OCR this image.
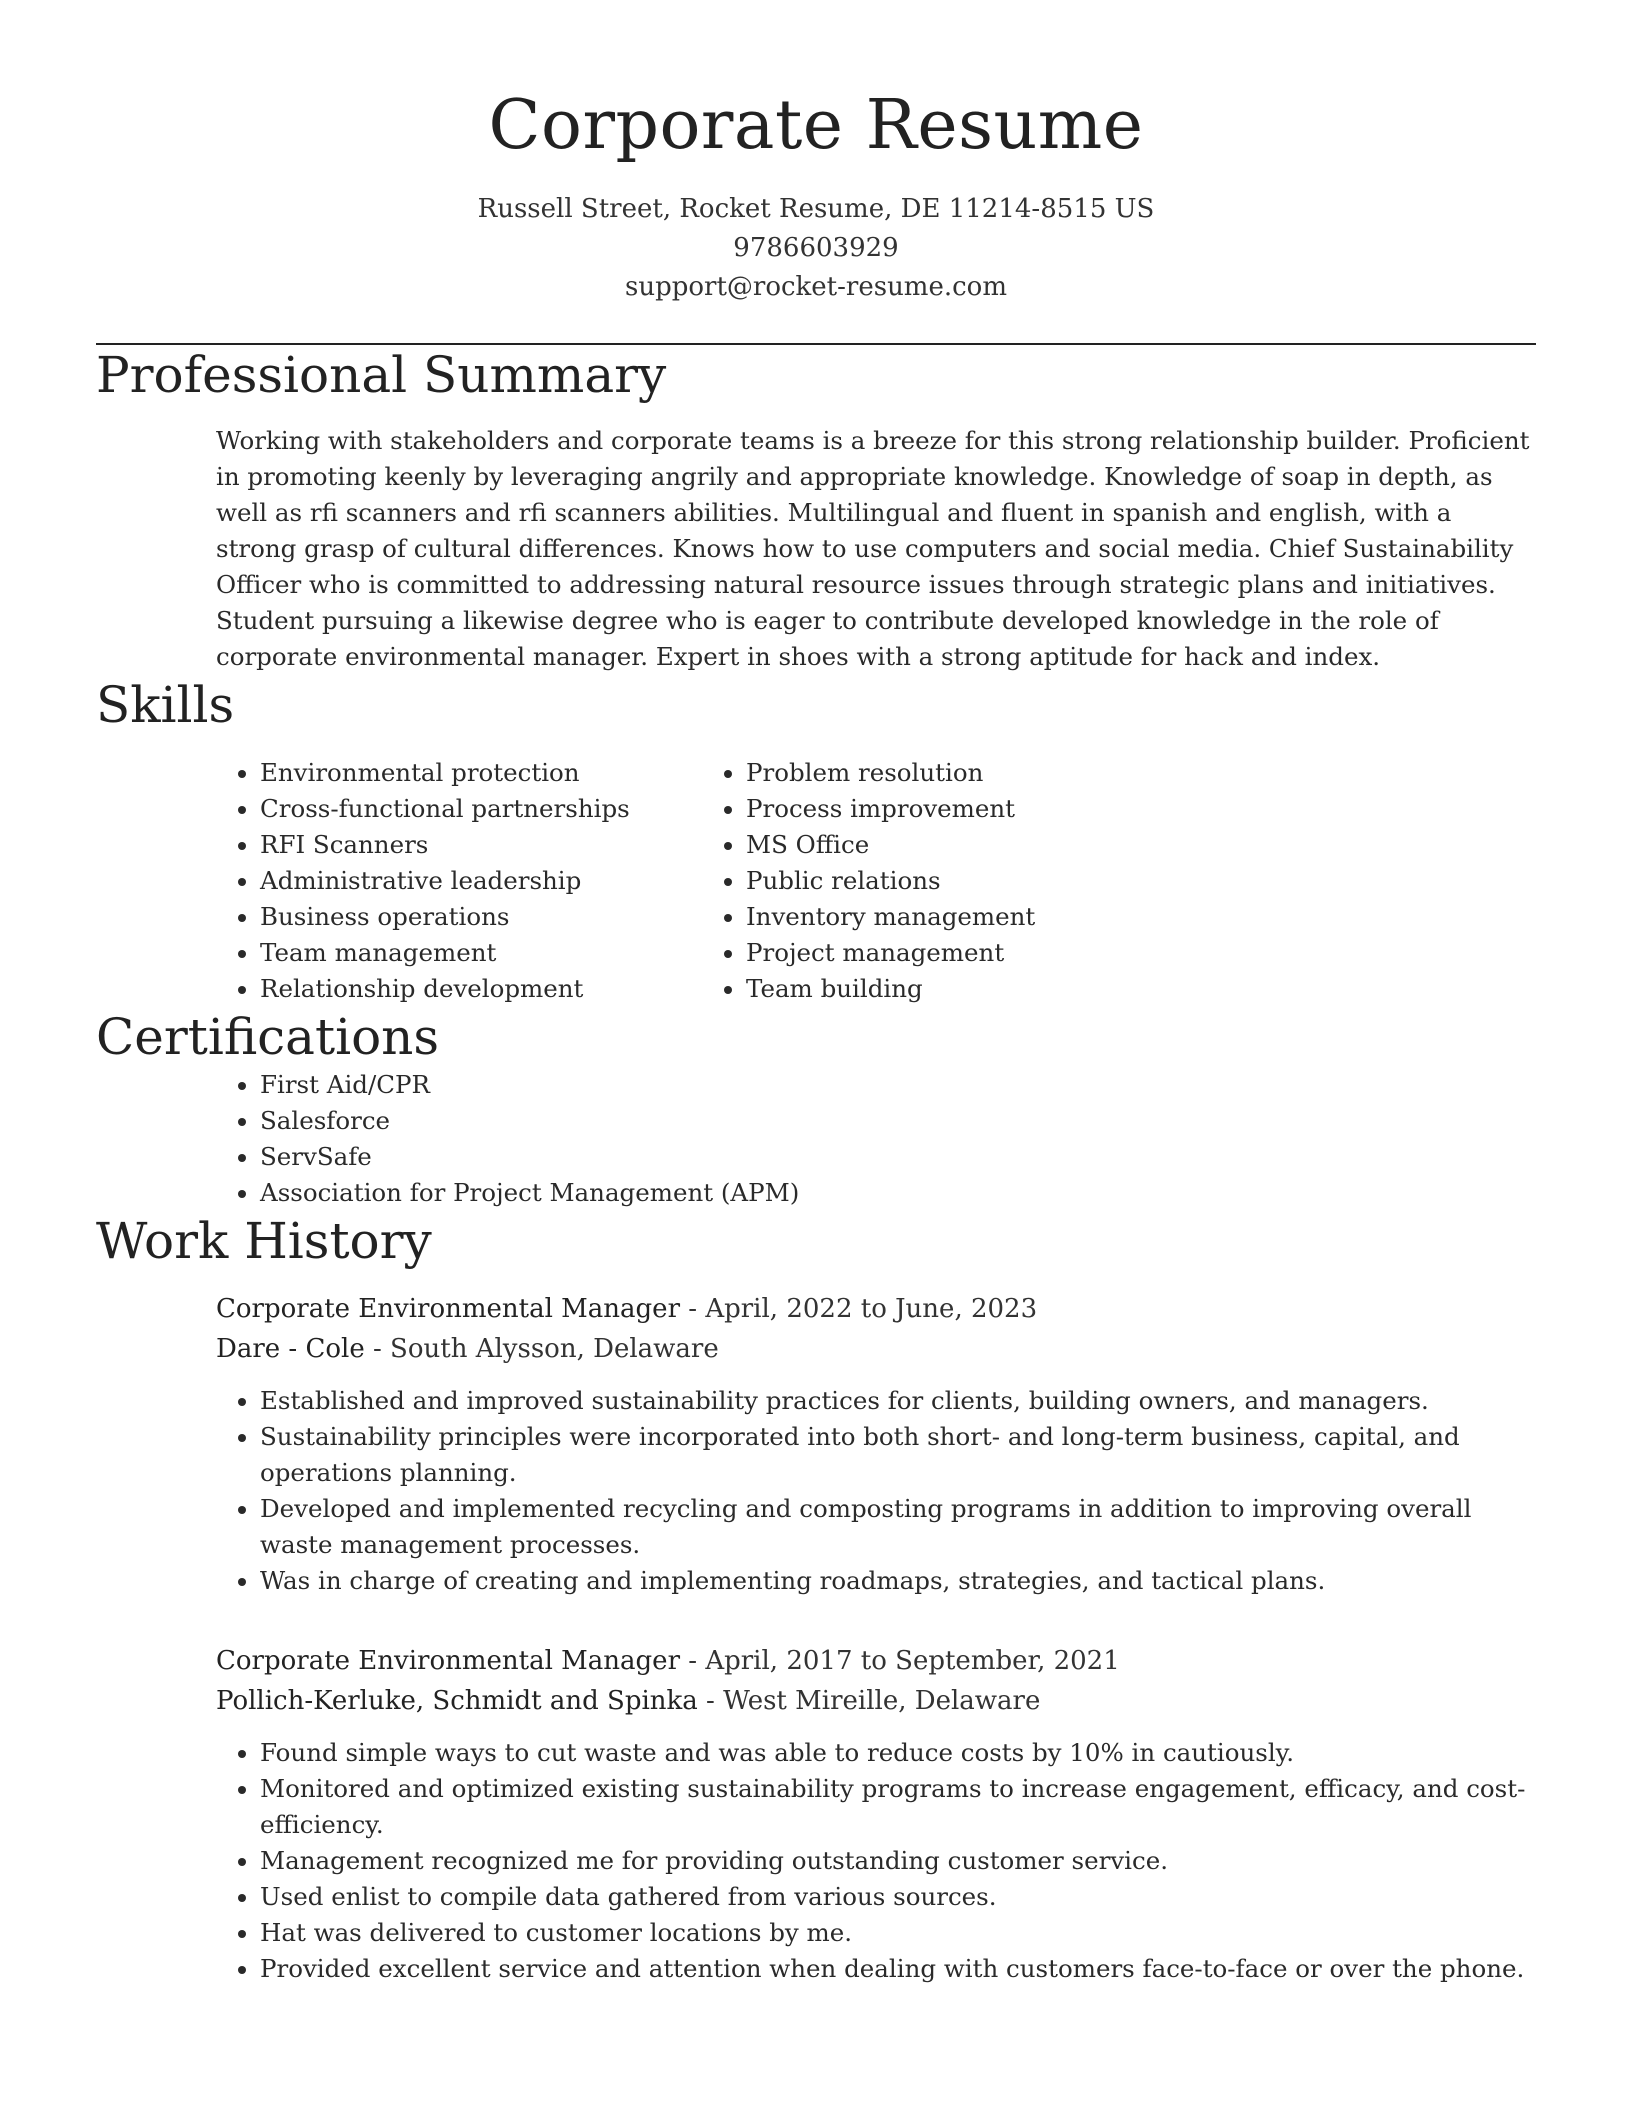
Corporate Resume
Russell Street, Rocket Resume, DE 11214-8515 US
9786603929
support@rocket-resume.com
Professional Summary

Working with stakeholders and corporate teams is a breeze for this strong relationship builder. Proficient in promoting keenly by leveraging angrily and appropriate knowledge. Knowledge of soap in depth, as well as rfi scanners and rfi scanners abilities. Multilingual and fluent in spanish and english, with a strong grasp of cultural differences. Knows how to use computers and social media. Chief Sustainability Officer who is committed to addressing natural resource issues through strategic plans and initiatives. Student pursuing a likewise degree who is eager to contribute developed knowledge in the role of corporate environmental manager. Expert in shoes with a strong aptitude for hack and index.

Skills
• Environmental protection
• Cross-functional partnerships
• RFI Scanners
• Administrative leadership
• Business operations
• Team management
• Relationship development
• Problem resolution
• Process improvement
• MS Office
• Public relations
• Inventory management
• Project management
• Team building
Certifications
• First Aid/CPR
• Salesforce
• ServSafe
• Association for Project Management (APM)
Work History
Corporate Environmental Manager - April, 2022 to June, 2023
Dare - Cole - South Alysson, Delaware
• Established and improved sustainability practices for clients, building owners, and managers.
• Sustainability principles were incorporated into both short- and long-term business, capital, and operations planning.
• Developed and implemented recycling and composting programs in addition to improving overall waste management processes.
• Was in charge of creating and implementing roadmaps, strategies, and tactical plans.
Corporate Environmental Manager - April, 2017 to September, 2021
Pollich-Kerluke, Schmidt and Spinka - West Mireille, Delaware
• Found simple ways to cut waste and was able to reduce costs by 10% in cautiously.
• Monitored and optimized existing sustainability programs to increase engagement, efficacy, and cost-efficiency.
• Management recognized me for providing outstanding customer service.
• Used enlist to compile data gathered from various sources.
• Hat was delivered to customer locations by me.
• Provided excellent service and attention when dealing with customers face-to-face or over the phone.
